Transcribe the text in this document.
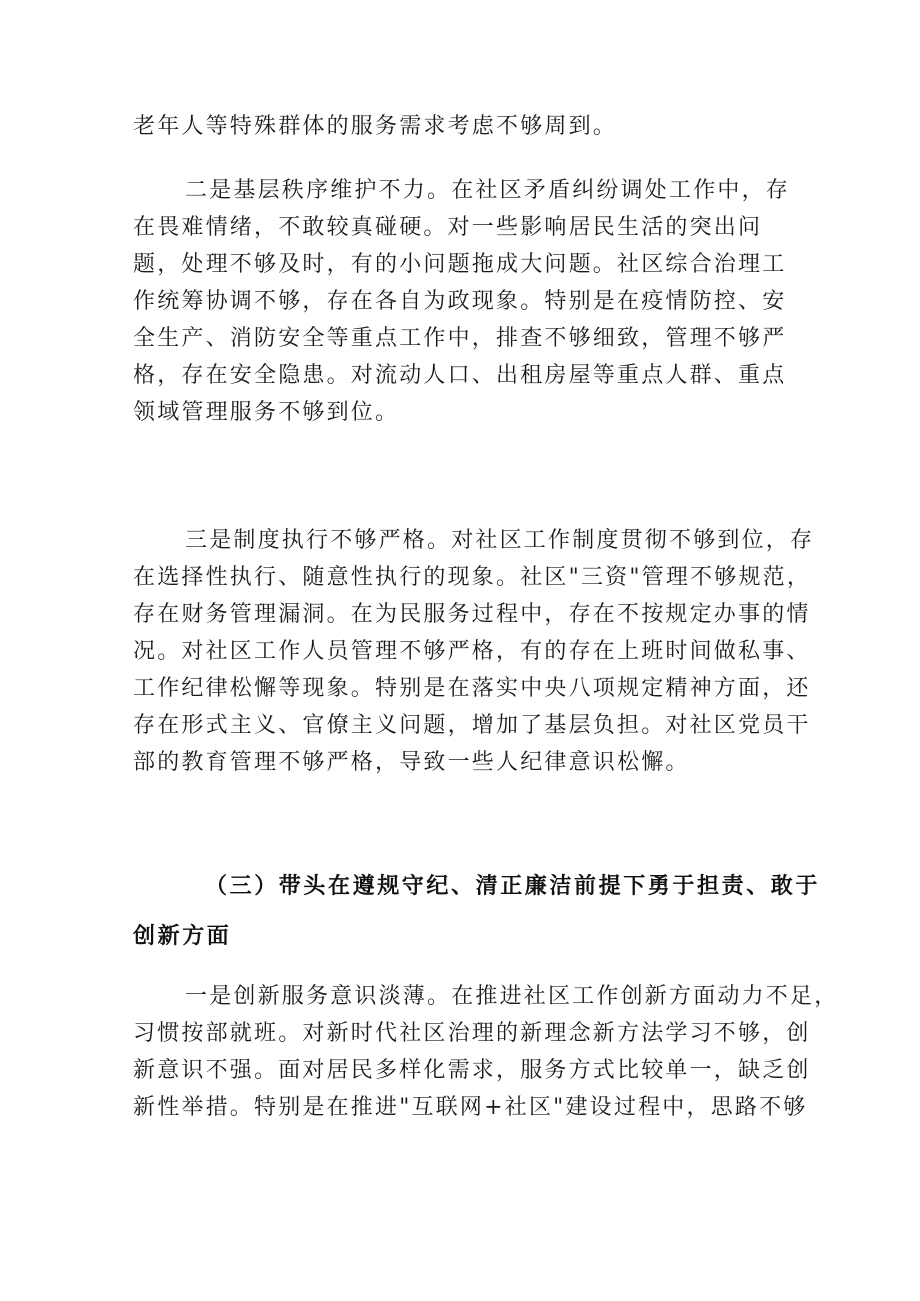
老年人等特殊群体的服务需求考虑不够周到。
二是基层秩序维护不力。在社区矛盾纠纷调处工作中，存
在畏难情绪，不敢较真碰硬。对一些影响居民生活的突出问
题，处理不够及时，有的小问题拖成大问题。社区综合治理工
作统筹协调不够，存在各自为政现象。特别是在疫情防控、安
全生产、消防安全等重点工作中，排查不够细致，管理不够严
格，存在安全隐患。对流动人口、出租房屋等重点人群、重点
领域管理服务不够到位。
三是制度执行不够严格。对社区工作制度贯彻不够到位，存
在选择性执行、随意性执行的现象。社区"三资"管理不够规范，
存在财务管理漏洞。在为民服务过程中，存在不按规定办事的情
况。对社区工作人员管理不够严格，有的存在上班时间做私事、
工作纪律松懈等现象。特别是在落实中央八项规定精神方面，还
存在形式主义、官僚主义问题，增加了基层负担。对社区党员干
部的教育管理不够严格，导致一些人纪律意识松懈。
（三）带头在遵规守纪、清正廉洁前提下勇于担责、敢于
创新方面
一是创新服务意识淡薄。在推进社区工作创新方面动力不足，
习惯按部就班。对新时代社区治理的新理念新方法学习不够，创
新意识不强。面对居民多样化需求，服务方式比较单一，缺乏创
新性举措。特别是在推进"互联网+社区"建设过程中，思路不够
